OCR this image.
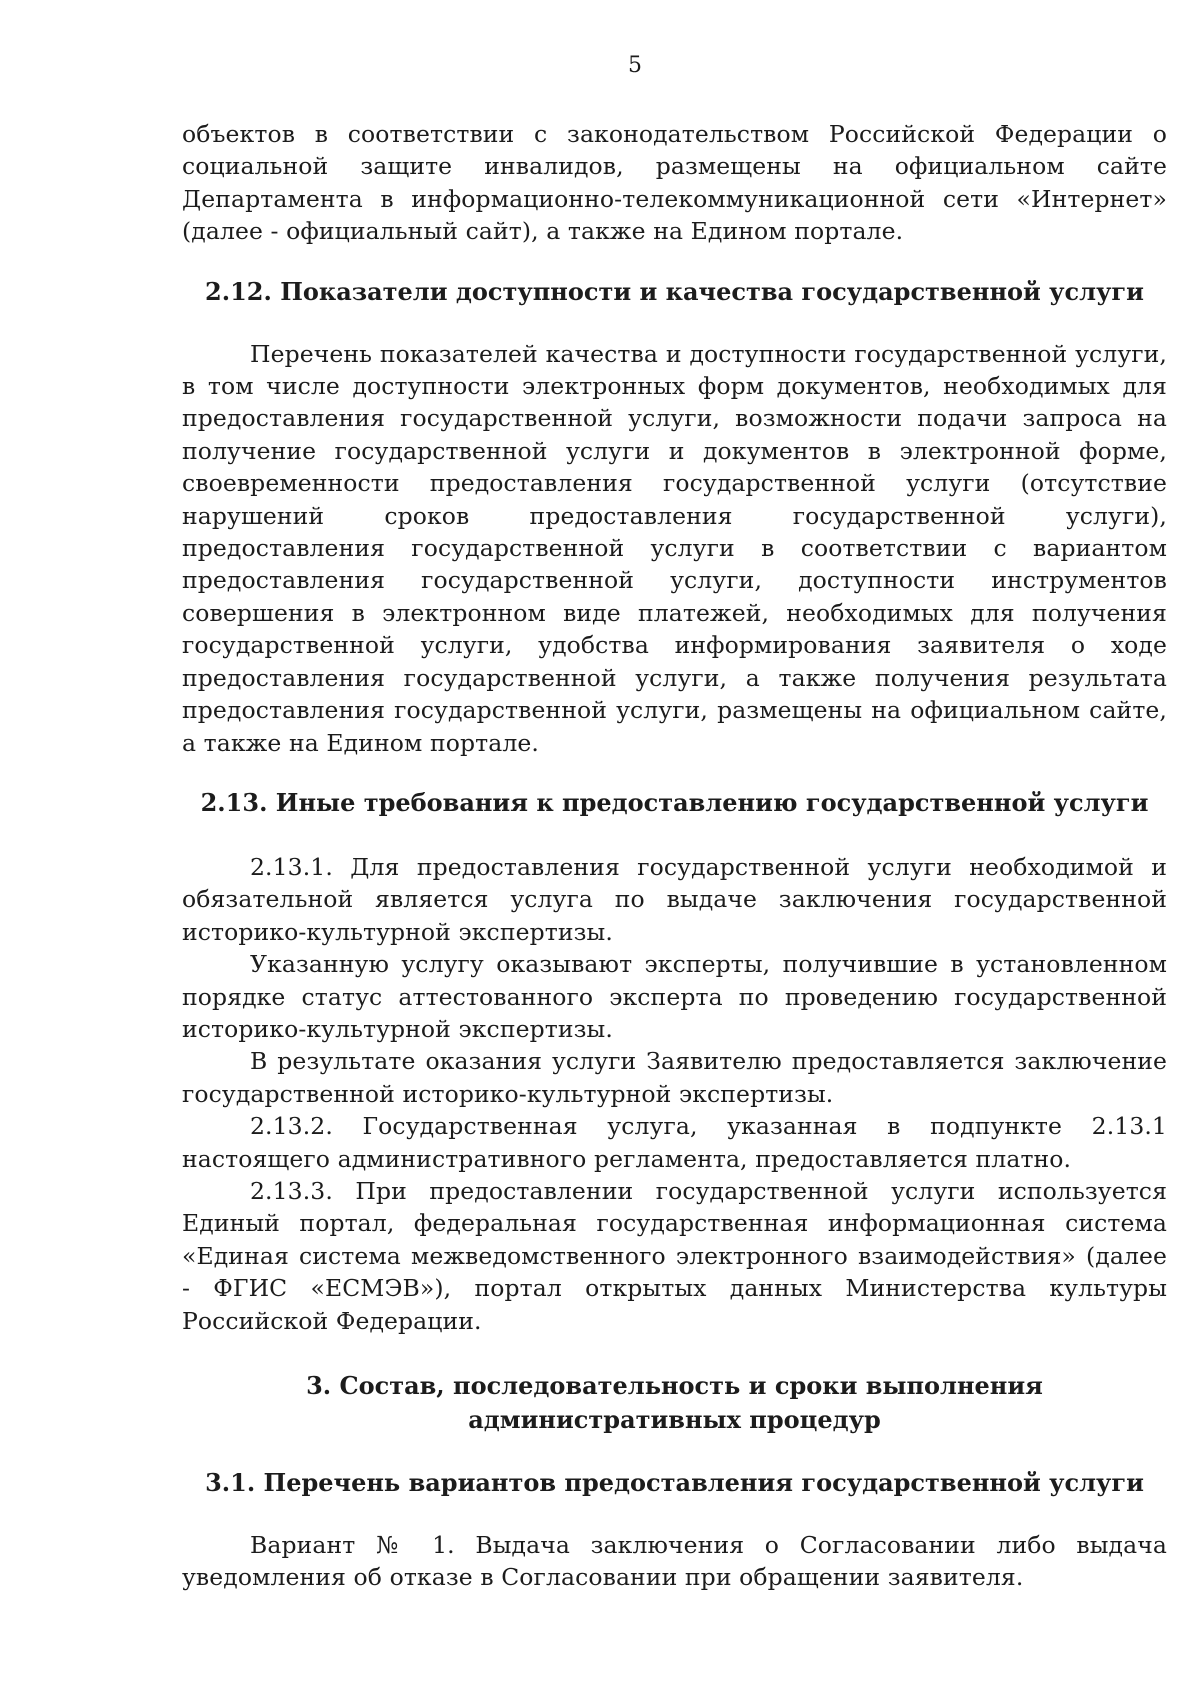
5

объектов в соответствии с законодательством Российской Федерации о социальной защите инвалидов, размещены на официальном сайте Департамента в информационно-телекоммуникационной сети «Интернет» (далее - официальный сайт), а также на Едином портале.

2.12. Показатели доступности и качества государственной услуги

Перечень показателей качества и доступности государственной услуги, в том числе доступности электронных форм документов, необходимых для предоставления государственной услуги, возможности подачи запроса на получение государственной услуги и документов в электронной форме, своевременности предоставления государственной услуги (отсутствие нарушений сроков предоставления государственной услуги), предоставления государственной услуги в соответствии с вариантом предоставления государственной услуги, доступности инструментов совершения в электронном виде платежей, необходимых для получения государственной услуги, удобства информирования заявителя о ходе предоставления государственной услуги, а также получения результата предоставления государственной услуги, размещены на официальном сайте, а также на Едином портале.

2.13. Иные требования к предоставлению государственной услуги

2.13.1. Для предоставления государственной услуги необходимой и обязательной является услуга по выдаче заключения государственной историко-культурной экспертизы.

Указанную услугу оказывают эксперты, получившие в установленном порядке статус аттестованного эксперта по проведению государственной историко-культурной экспертизы.

В результате оказания услуги Заявителю предоставляется заключение государственной историко-культурной экспертизы.

2.13.2. Государственная услуга, указанная в подпункте 2.13.1 настоящего административного регламента, предоставляется платно.

2.13.3. При предоставлении государственной услуги используется Единый портал, федеральная государственная информационная система «Единая система межведомственного электронного взаимодействия» (далее - ФГИС «ЕСМЭВ»), портал открытых данных Министерства культуры Российской Федерации.

3. Состав, последовательность и сроки выполнения административных процедур
3.1. Перечень вариантов предоставления государственной услуги

Вариант № 1. Выдача заключения о Согласовании либо выдача уведомления об отказе в Согласовании при обращении заявителя.
